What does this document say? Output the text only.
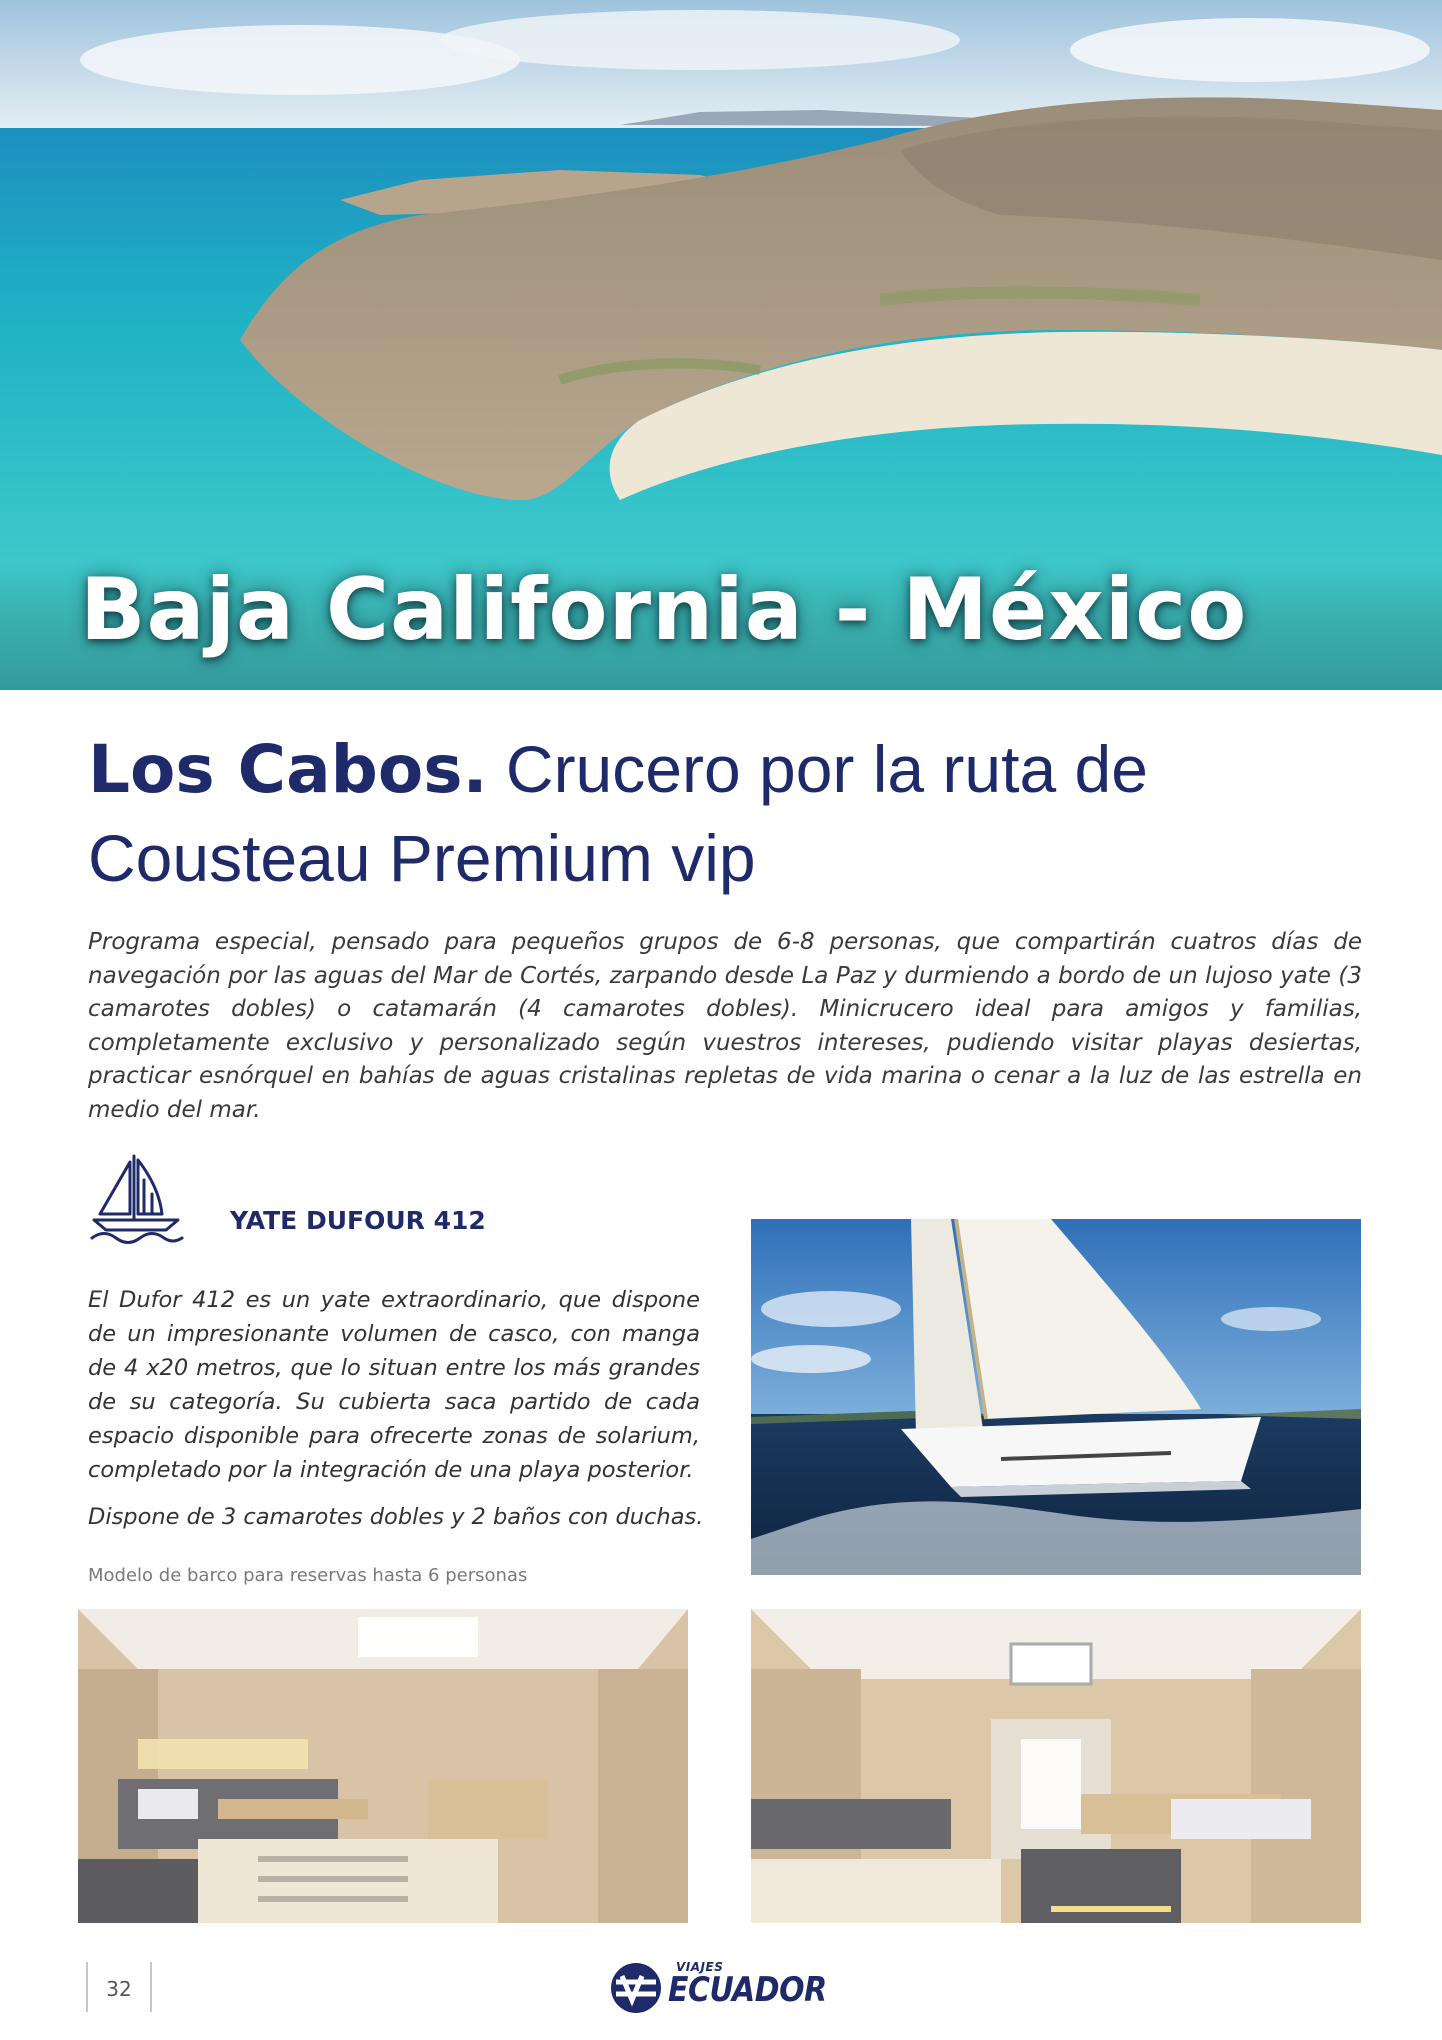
Baja California - México
Los Cabos. Crucero por la ruta de Cousteau Premium vip

Programa especial, pensado para pequeños grupos de 6-8 personas, que compartirán cuatros días de navegación por las aguas del Mar de Cortés, zarpando desde La Paz y durmiendo a bordo de un lujoso yate (3 camarotes dobles) o catamarán (4 camarotes dobles). Minicrucero ideal para amigos y familias, completamente exclusivo y personalizado según vuestros intereses, pudiendo visitar playas desiertas, practicar esnórquel en bahías de aguas cristalinas repletas de vida marina o cenar a la luz de las estrella en medio del mar.

YATE DUFOUR 412

El Dufor 412 es un yate extraordinario, que dispone de un impresionante volumen de casco, con manga de 4 x20 metros, que lo situan entre los más grandes de su categoría. Su cubierta saca partido de cada espacio disponible para ofrecerte zonas de solarium, completado por la integración de una playa posterior.

Dispone de 3 camarotes dobles y 2 baños con duchas.

Modelo de barco para reservas hasta 6 personas

32

VIAJES

ECUADOR
